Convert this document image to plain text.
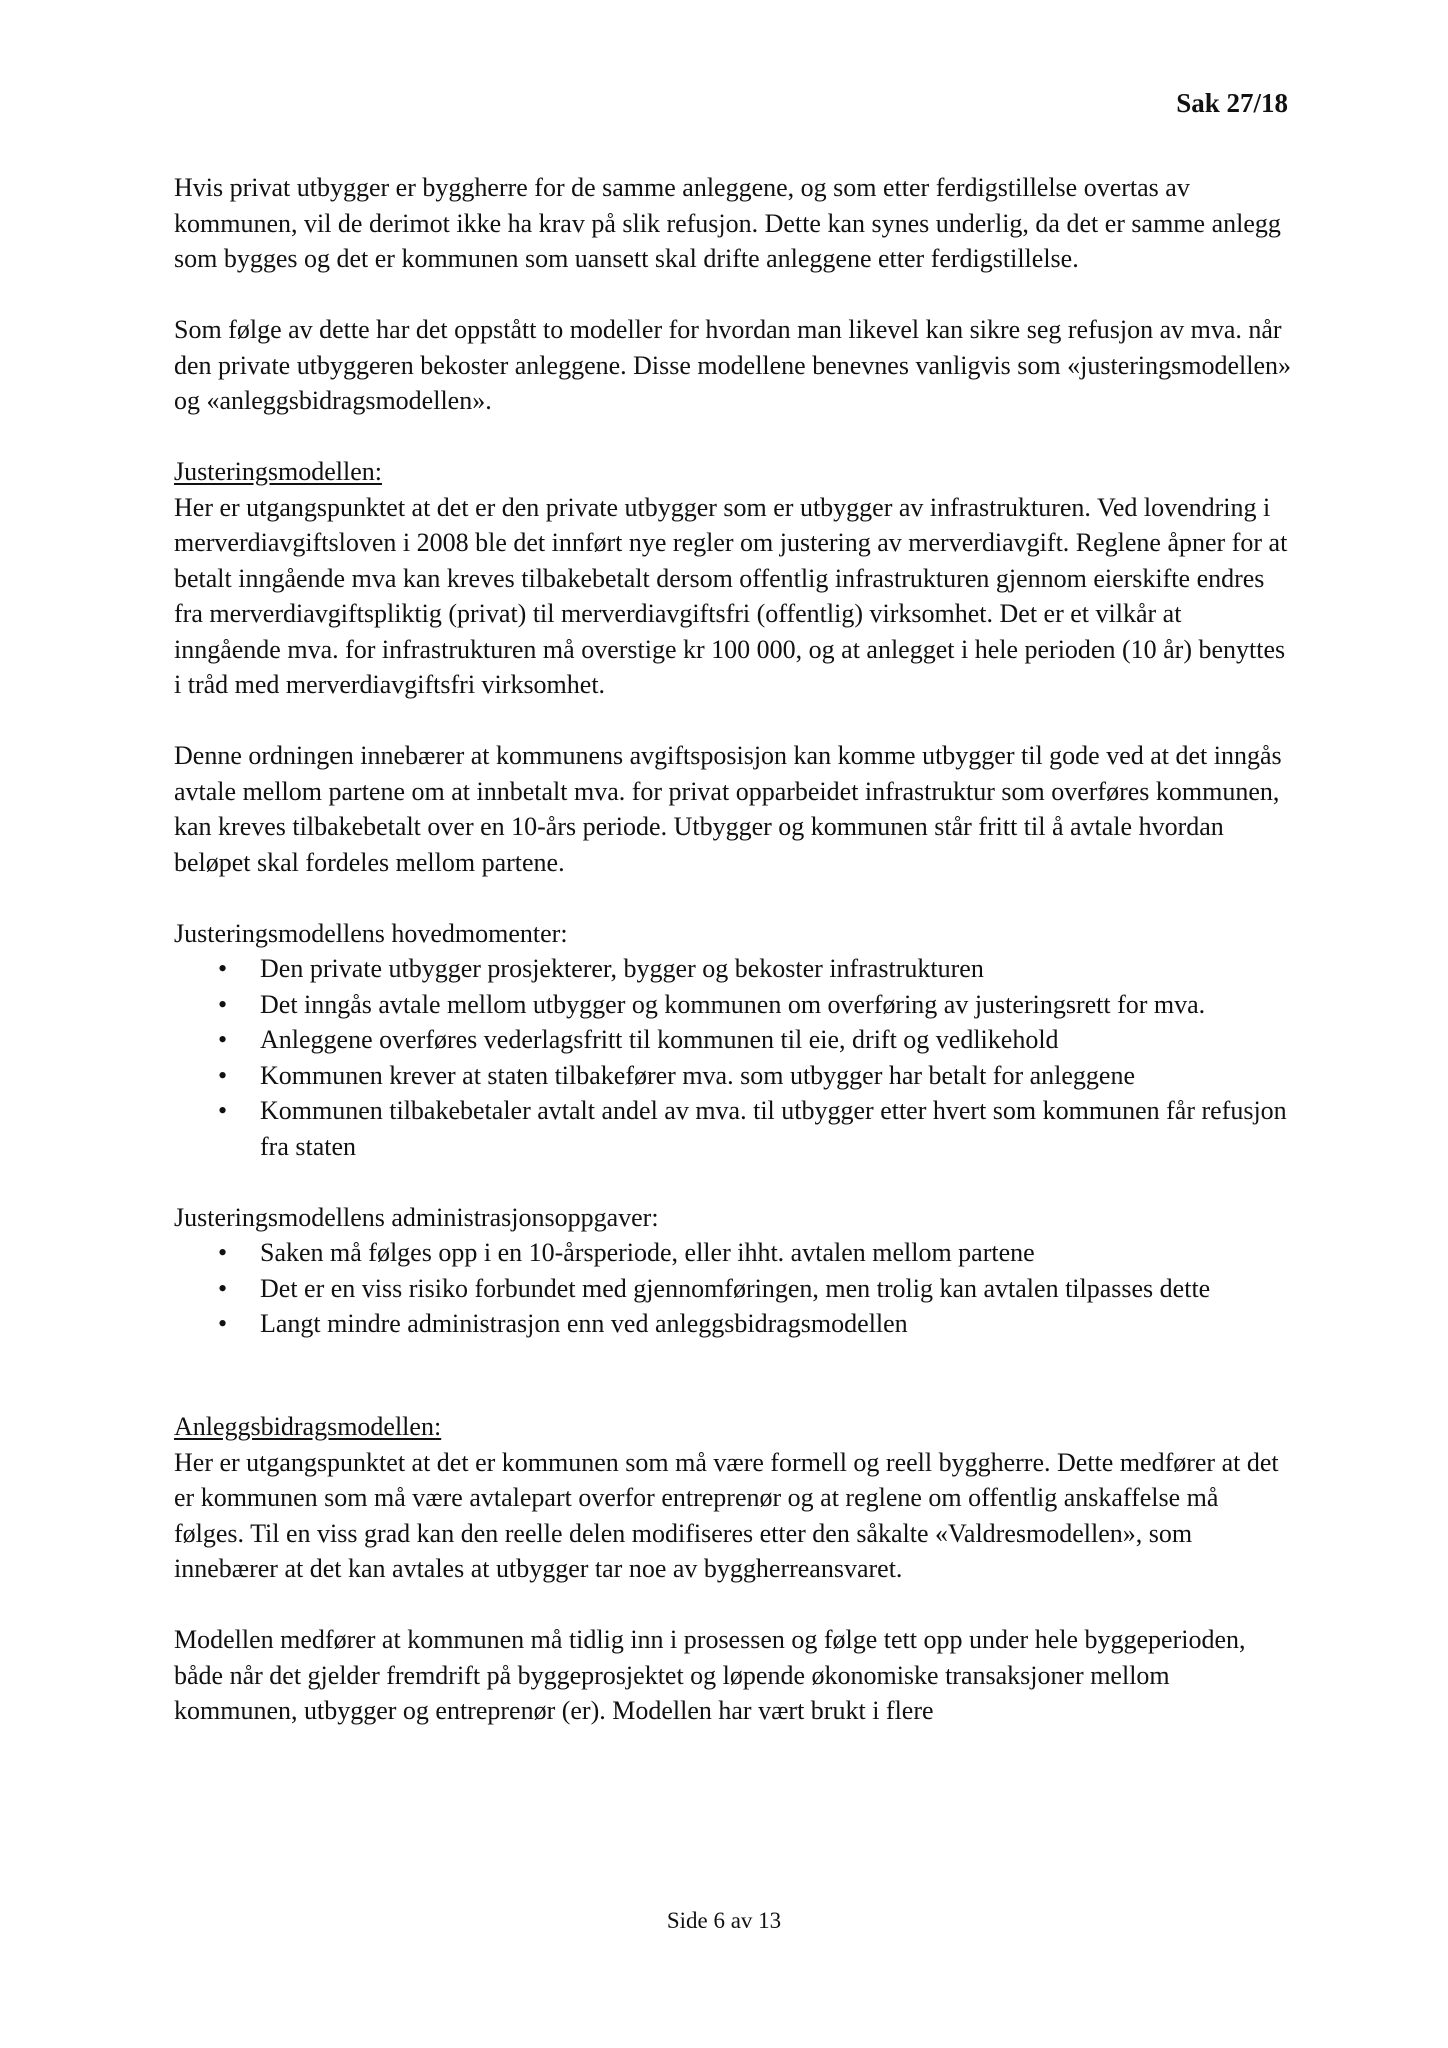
Sak 27/18

Hvis privat utbygger er byggherre for de samme anleggene, og som etter ferdigstillelse overtas av kommunen, vil de derimot ikke ha krav på slik refusjon. Dette kan synes underlig, da det er samme anlegg som bygges og det er kommunen som uansett skal drifte anleggene etter ferdigstillelse.

Som følge av dette har det oppstått to modeller for hvordan man likevel kan sikre seg refusjon av mva. når den private utbyggeren bekoster anleggene. Disse modellene benevnes vanligvis som «justeringsmodellen» og «anleggsbidragsmodellen».

Justeringsmodellen:

Her er utgangspunktet at det er den private utbygger som er utbygger av infrastrukturen. Ved lovendring i merverdiavgiftsloven i 2008 ble det innført nye regler om justering av merverdiavgift. Reglene åpner for at betalt inngående mva kan kreves tilbakebetalt dersom offentlig infrastrukturen gjennom eierskifte endres fra merverdiavgiftspliktig (privat) til merverdiavgiftsfri (offentlig) virksomhet. Det er et vilkår at inngående mva. for infrastrukturen må overstige kr 100 000, og at anlegget i hele perioden (10 år) benyttes i tråd med merverdiavgiftsfri virksomhet.

Denne ordningen innebærer at kommunens avgiftsposisjon kan komme utbygger til gode ved at det inngås avtale mellom partene om at innbetalt mva. for privat opparbeidet infrastruktur som overføres kommunen, kan kreves tilbakebetalt over en 10-års periode. Utbygger og kommunen står fritt til å avtale hvordan beløpet skal fordeles mellom partene.

Justeringsmodellens hovedmomenter:

• Den private utbygger prosjekterer, bygger og bekoster infrastrukturen
• Det inngås avtale mellom utbygger og kommunen om overføring av justeringsrett for mva.
• Anleggene overføres vederlagsfritt til kommunen til eie, drift og vedlikehold
• Kommunen krever at staten tilbakefører mva. som utbygger har betalt for anleggene
• Kommunen tilbakebetaler avtalt andel av mva. til utbygger etter hvert som kommunen får refusjon fra staten

Justeringsmodellens administrasjonsoppgaver:

• Saken må følges opp i en 10-årsperiode, eller ihht. avtalen mellom partene
• Det er en viss risiko forbundet med gjennomføringen, men trolig kan avtalen tilpasses dette
• Langt mindre administrasjon enn ved anleggsbidragsmodellen

Anleggsbidragsmodellen:

Her er utgangspunktet at det er kommunen som må være formell og reell byggherre. Dette medfører at det er kommunen som må være avtalepart overfor entreprenør og at reglene om offentlig anskaffelse må følges. Til en viss grad kan den reelle delen modifiseres etter den såkalte «Valdresmodellen», som innebærer at det kan avtales at utbygger tar noe av byggherreansvaret.

Modellen medfører at kommunen må tidlig inn i prosessen og følge tett opp under hele byggeperioden, både når det gjelder fremdrift på byggeprosjektet og løpende økonomiske transaksjoner mellom kommunen, utbygger og entreprenør (er). Modellen har vært brukt i flere

Side 6 av 13
